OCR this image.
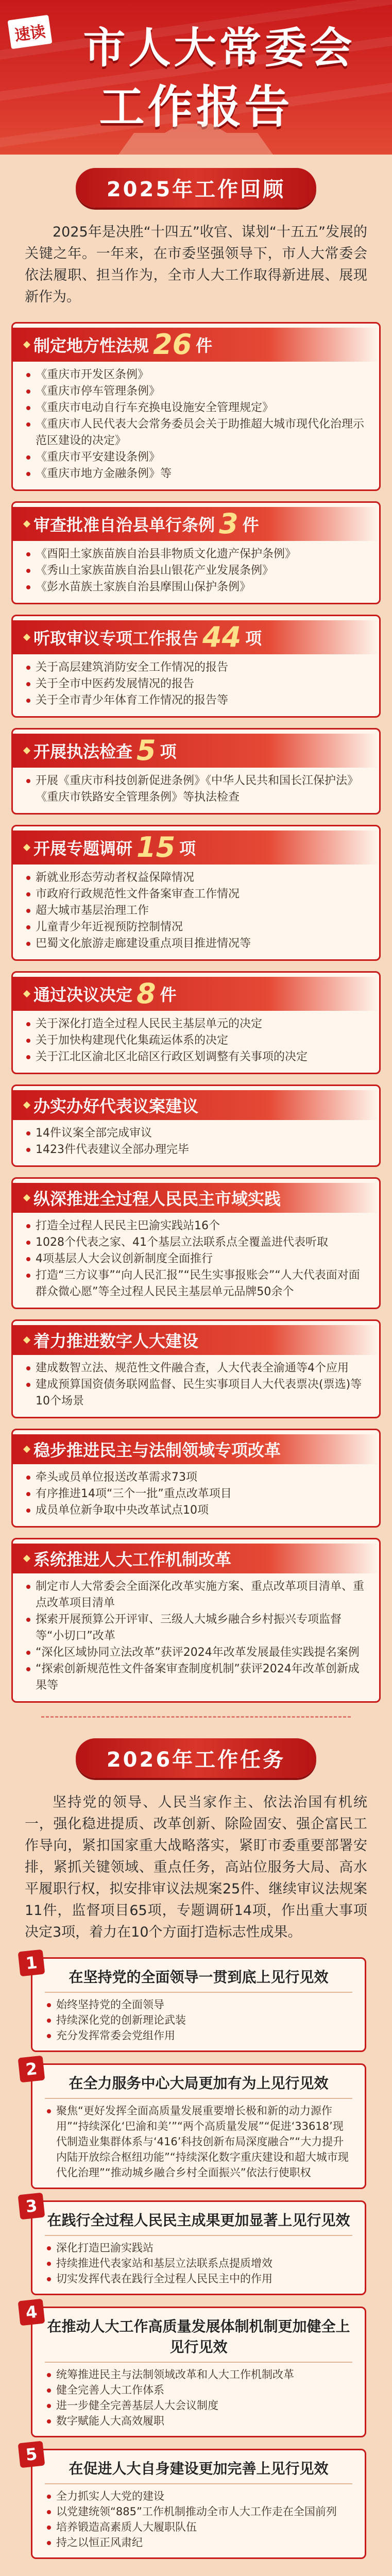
速读 市人大常委会
工作报告
2025年工作回顾

2025年是决胜“十四五”收官、谋划“十五五”发展的关键之年。一年来，在市委坚强领导下，市人大常委会依法履职、担当作为，全市人大工作取得新进展、展现新作为。

制定地方性法规 26 件
《重庆市开发区条例》
《重庆市停车管理条例》
《重庆市电动自行车充换电设施安全管理规定》
《重庆市人民代表大会常务委员会关于助推超大城市现代化治理示范区建设的决定》
《重庆市平安建设条例》
《重庆市地方金融条例》等
审查批准自治县单行条例 3 件
《酉阳土家族苗族自治县非物质文化遗产保护条例》
《秀山土家族苗族自治县山银花产业发展条例》
《彭水苗族土家族自治县摩围山保护条例》
听取审议专项工作报告 44 项
关于高层建筑消防安全工作情况的报告
关于全市中医药发展情况的报告
关于全市青少年体育工作情况的报告等
开展执法检查 5 项
开展《重庆市科技创新促进条例》《中华人民共和国长江保护法》《重庆市铁路安全管理条例》等执法检查
开展专题调研 15 项
新就业形态劳动者权益保障情况
市政府行政规范性文件备案审查工作情况
超大城市基层治理工作
儿童青少年近视预防控制情况
巴蜀文化旅游走廊建设重点项目推进情况等
通过决议决定 8 件
关于深化打造全过程人民民主基层单元的决定
关于加快构建现代化集疏运体系的决定
关于江北区渝北区北碚区行政区划调整有关事项的决定
办实办好代表议案建议
14件议案全部完成审议
1423件代表建议全部办理完毕
纵深推进全过程人民民主市域实践
打造全过程人民民主巴渝实践站16个
1028个代表之家、41个基层立法联系点全覆盖进代表听取
4项基层人大会议创新制度全面推行
打造“三方议事”“向人民汇报”“民生实事报账会”“人大代表面对面群众微心愿”等全过程人民民主基层单元品牌50余个
着力推进数字人大建设
建成数智立法、规范性文件融合查，人大代表全渝通等4个应用
建成预算国资债务联网监督、民生实事项目人大代表票决(票选)等10个场景
稳步推进民主与法制领域专项改革
牵头或员单位报送改革需求73项
有序推进14项“三个一批”重点改革项目
成员单位新争取中央改革试点10项
系统推进人大工作机制改革
制定市人大常委会全面深化改革实施方案、重点改革项目清单、重点改革项目清单
探索开展预算公开评审、三级人大城乡融合乡村振兴专项监督等“小切口”改革
“深化区域协同立法改革”获评2024年改革发展最佳实践提名案例
“探索创新规范性文件备案审查制度机制”获评2024年改革创新成果等
2026年工作任务

坚持党的领导、人民当家作主、依法治国有机统一，强化稳进提质、改革创新、除险固安、强企富民工作导向，紧扣国家重大战略落实，紧盯市委重要部署安排，紧抓关键领域、重点任务，高站位服务大局、高水平履职行权，拟安排审议法规案25件、继续审议法规案11件，监督项目65项，专题调研14项，作出重大事项决定3项，着力在10个方面打造标志性成果。

1
在坚持党的全面领导一贯到底上见行见效
始终坚持党的全面领导
持续深化党的创新理论武装
充分发挥常委会党组作用
2
在全力服务中心大局更加有为上见行见效
聚焦“更好发挥全面高质量发展重要增长极和新的动力源作用”“持续深化‘巴渝和美’”“两个高质量发展”“促进‘33618’现代制造业集群体系与‘416’科技创新布局深度融合”“大力提升内陆开放综合枢纽功能”“持续深化数字重庆建设和超大城市现代化治理”“推动城乡融合乡村全面振兴”依法行使职权
3
在践行全过程人民民主成果更加显著上见行见效
深化打造巴渝实践站
持续推进代表家站和基层立法联系点提质增效
切实发挥代表在践行全过程人民民主中的作用
4
在推动人大工作高质量发展体制机制更加健全上见行见效
统筹推进民主与法制领域改革和人大工作机制改革
健全完善人大工作体系
进一步健全完善基层人大会议制度
数字赋能人大高效履职
5
在促进人大自身建设更加完善上见行见效
全力抓实人大党的建设
以党建统领“885”工作机制推动全市人大工作走在全国前列
培养锻造高素质人大履职队伍
持之以恒正风肃纪
